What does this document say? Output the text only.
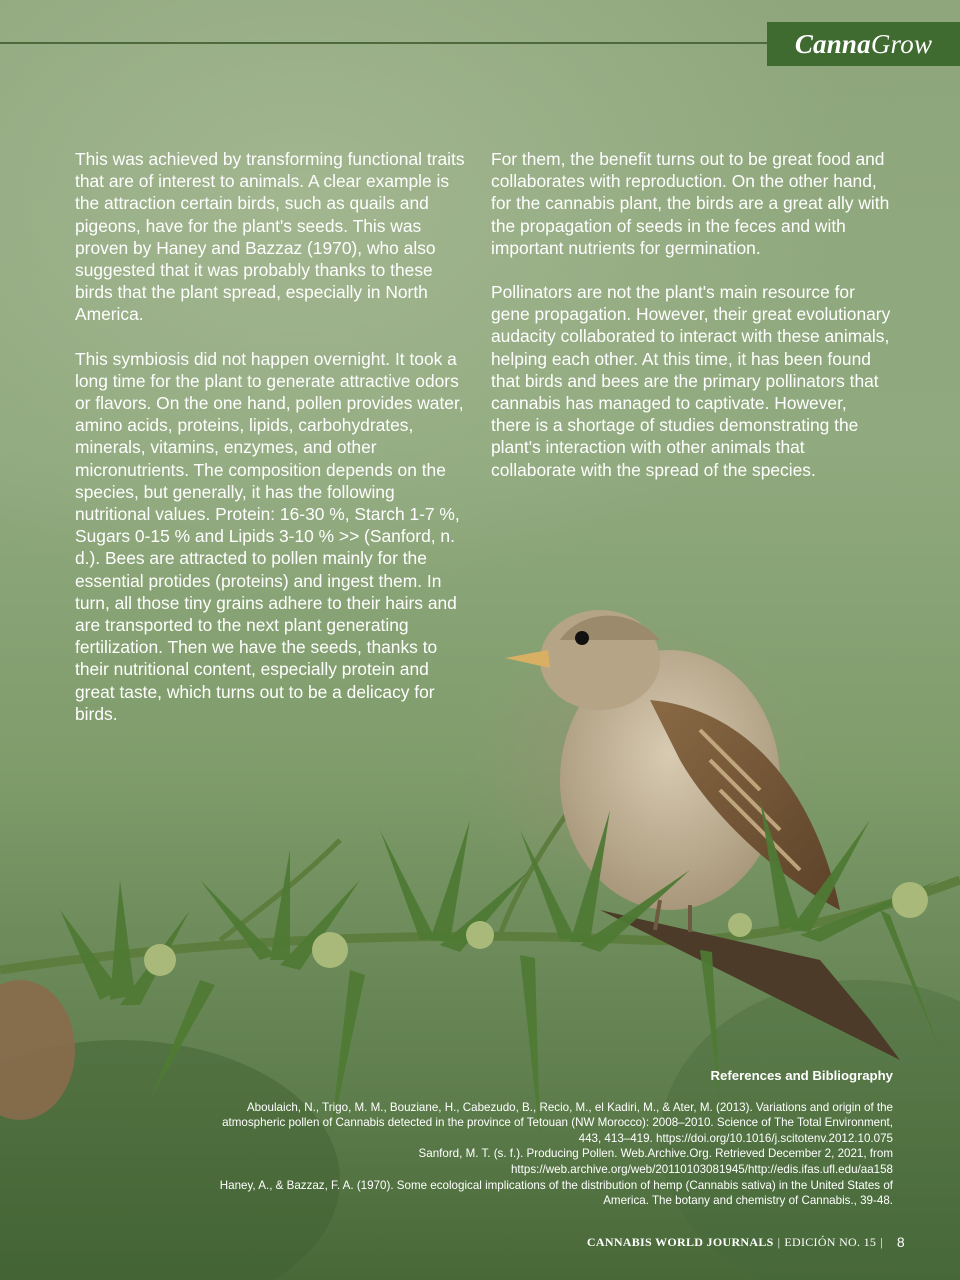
Canna Grow

This was achieved by transforming functional traits that are of interest to animals. A clear example is the attraction certain birds, such as quails and pigeons, have for the plant's seeds. This was proven by Haney and Bazzaz (1970), who also suggested that it was probably thanks to these birds that the plant spread, especially in North America.

This symbiosis did not happen overnight. It took a long time for the plant to generate attractive odors or flavors. On the one hand, pollen provides water, amino acids, proteins, lipids, carbohydrates, minerals, vitamins, enzymes, and other micronutrients. The composition depends on the species, but generally, it has the following nutritional values. Protein: 16-30 %, Starch 1-7 %, Sugars 0-15 % and Lipids 3-10 % >> (Sanford, n. d.). Bees are attracted to pollen mainly for the essential protides (proteins) and ingest them. In turn, all those tiny grains adhere to their hairs and are transported to the next plant generating fertilization. Then we have the seeds, thanks to their nutritional content, especially protein and great taste, which turns out to be a delicacy for birds.

For them, the benefit turns out to be great food and collaborates with reproduction. On the other hand, for the cannabis plant, the birds are a great ally with the propagation of seeds in the feces and with important nutrients for germination.

Pollinators are not the plant's main resource for gene propagation. However, their great evolutionary audacity collaborated to interact with these animals, helping each other. At this time, it has been found that birds and bees are the primary pollinators that cannabis has managed to captivate. However, there is a shortage of studies demonstrating the plant's interaction with other animals that collaborate with the spread of the species.

References and Bibliography

Aboulaich, N., Trigo, M. M., Bouziane, H., Cabezudo, B., Recio, M., el Kadiri, M., & Ater, M. (2013). Variations and origin of the atmospheric pollen of Cannabis detected in the province of Tetouan (NW Morocco): 2008–2010. Science of The Total Environment, 443, 413–419. https://doi.org/10.1016/j.scitotenv.2012.10.075

Sanford, M. T. (s. f.). Producing Pollen. Web.Archive.Org. Retrieved December 2, 2021, from https://web.archive.org/web/20110103081945/http://edis.ifas.ufl.edu/aa158

Haney, A., & Bazzaz, F. A. (1970). Some ecological implications of the distribution of hemp (Cannabis sativa) in the United States of America. The botany and chemistry of Cannabis., 39-48.

CANNABIS WORLD JOURNALS | EDICIÓN NO. 15 | 8
